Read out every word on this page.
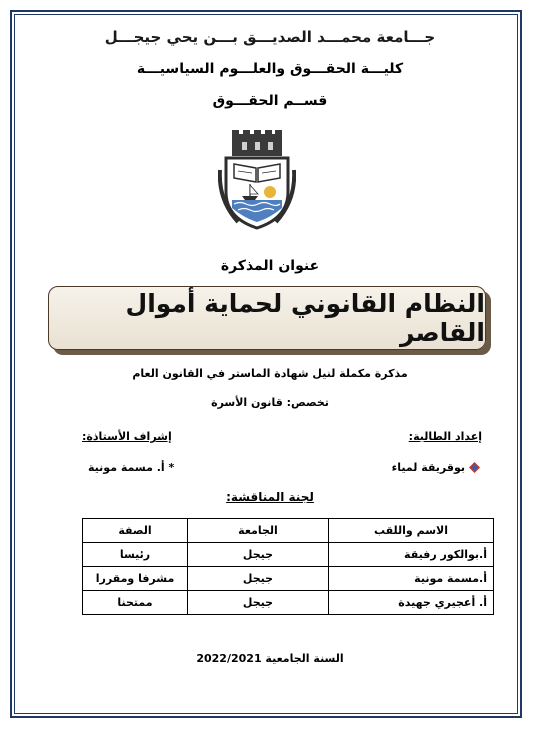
جـــامعة محمـــد الصديـــق بـــن يحي جيجـــل
كليـــة الحقـــوق والعلـــوم السياسيـــة
قســم الحقـــوق
عنوان المذكرة
النظام القانوني لحماية أموال القاصر
مذكرة مكملة لنيل شهادة الماستر في القانون العام
تخصص: قانون الأسرة
إعداد الطالبة:
إشراف الأستاذة:
بوقريقة لمياء
* أ. مسمة مونية
لجنة المناقشة:
الاسم واللقب	الجامعة	الصفة
أ.بوالكور رفيقة	جيجل	رئيسا
أ.مسمة مونية	جيجل	مشرفا ومقررا
أ. أعجيري جهيدة	جيجل	ممتحنا
السنة الجامعية 2022/2021
